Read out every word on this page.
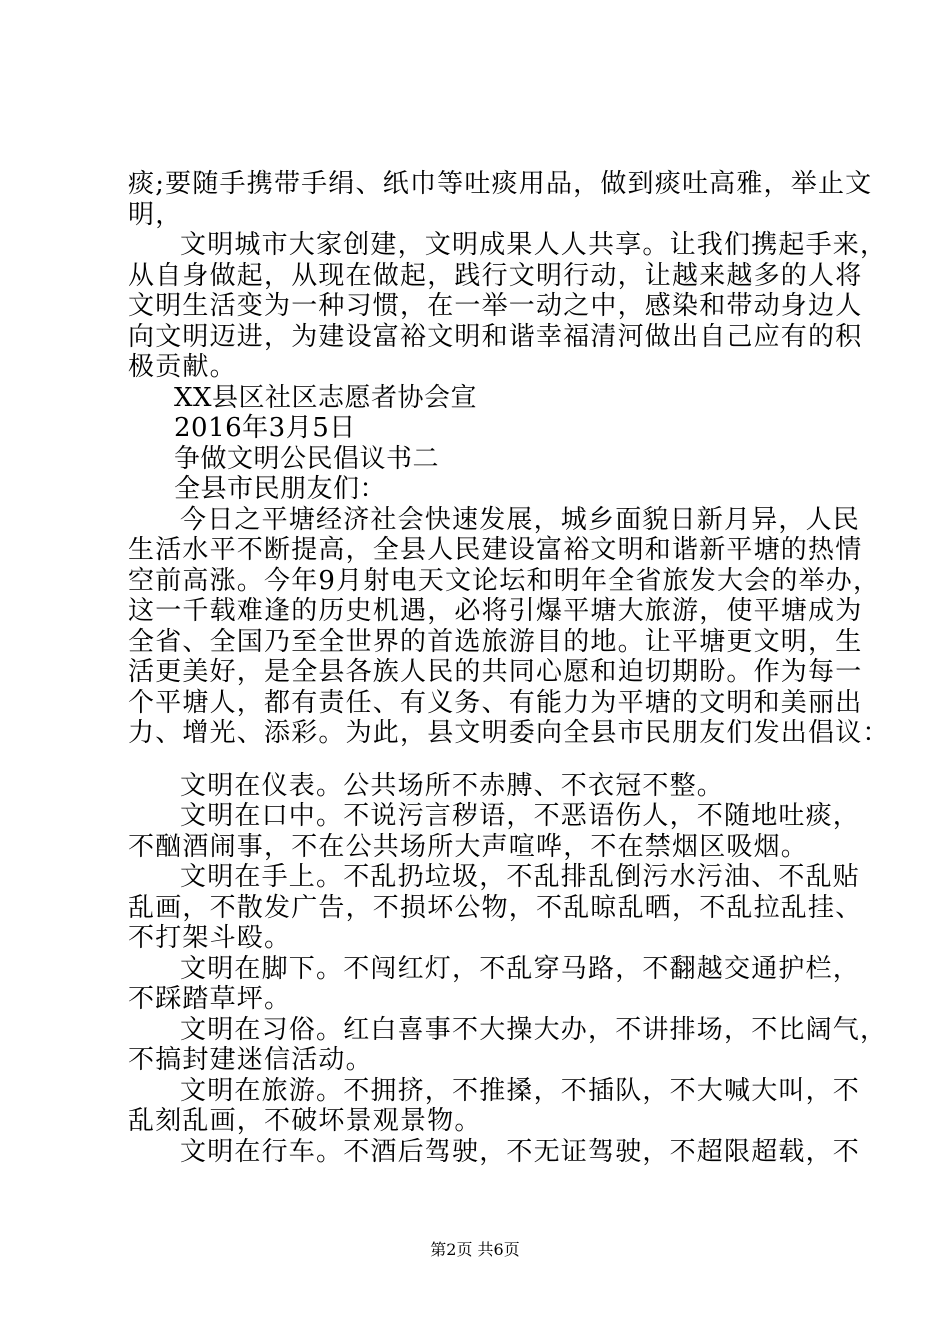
痰;要随手携带手绢、纸巾等吐痰用品，做到痰吐高雅，举止文
明，
文明城市大家创建，文明成果人人共享。让我们携起手来，
从自身做起，从现在做起，践行文明行动，让越来越多的人将
文明生活变为一种习惯，在一举一动之中，感染和带动身边人
向文明迈进，为建设富裕文明和谐幸福清河做出自己应有的积
极贡献。
XX县区社区志愿者协会宣
2016年3月5日
争做文明公民倡议书二
全县市民朋友们：
今日之平塘经济社会快速发展，城乡面貌日新月异，人民
生活水平不断提高，全县人民建设富裕文明和谐新平塘的热情
空前高涨。今年9月射电天文论坛和明年全省旅发大会的举办，
这一千载难逢的历史机遇，必将引爆平塘大旅游，使平塘成为
全省、全国乃至全世界的首选旅游目的地。让平塘更文明，生
活更美好，是全县各族人民的共同心愿和迫切期盼。作为每一
个平塘人，都有责任、有义务、有能力为平塘的文明和美丽出
力、增光、添彩。为此，县文明委向全县市民朋友们发出倡议：
文明在仪表。公共场所不赤膊、不衣冠不整。
文明在口中。不说污言秽语，不恶语伤人，不随地吐痰，
不酗酒闹事，不在公共场所大声喧哗，不在禁烟区吸烟。
文明在手上。不乱扔垃圾，不乱排乱倒污水污油、不乱贴
乱画，不散发广告，不损坏公物，不乱晾乱晒，不乱拉乱挂、
不打架斗殴。
文明在脚下。不闯红灯，不乱穿马路，不翻越交通护栏，
不踩踏草坪。
文明在习俗。红白喜事不大操大办，不讲排场，不比阔气，
不搞封建迷信活动。
文明在旅游。不拥挤，不推搡，不插队，不大喊大叫，不
乱刻乱画，不破坏景观景物。
文明在行车。不酒后驾驶，不无证驾驶，不超限超载，不
第2页 共6页
